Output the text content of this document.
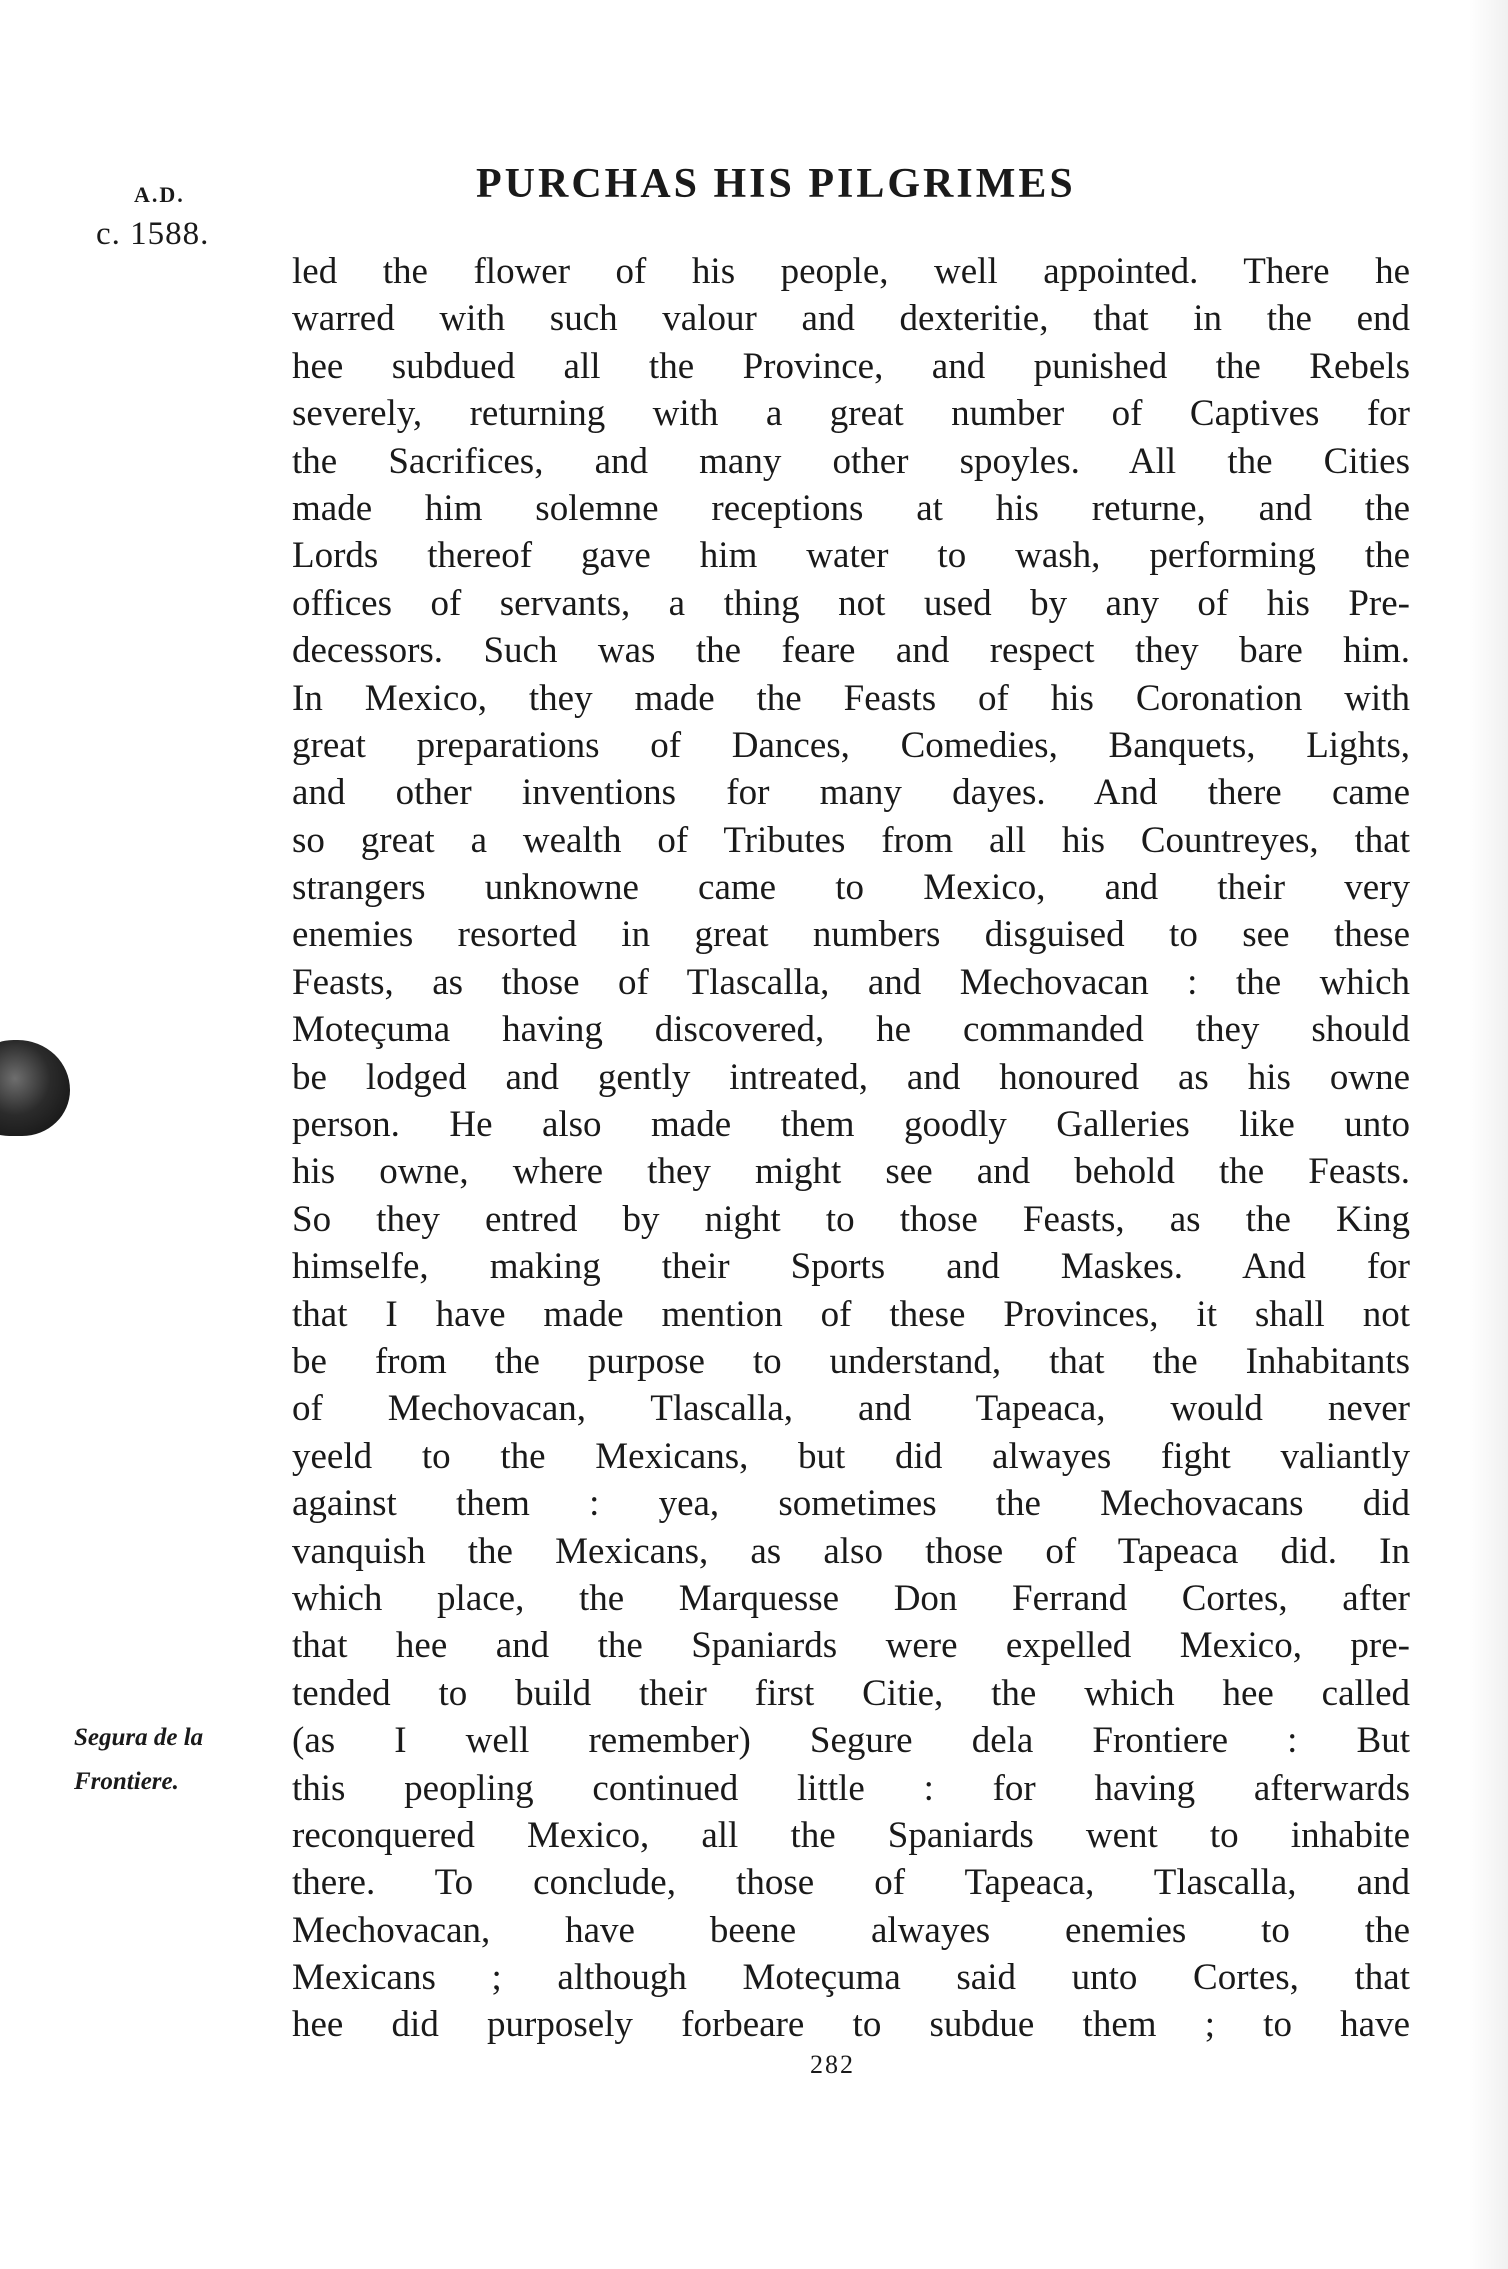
A.D.
c. 1588.
PURCHAS HIS PILGRIMES
Segura de la
Frontiere.
led the flower of his people, well appointed. There he
warred with such valour and dexteritie, that in the end
hee subdued all the Province, and punished the Rebels
severely, returning with a great number of Captives for
the Sacrifices, and many other spoyles. All the Cities
made him solemne receptions at his returne, and the
Lords thereof gave him water to wash, performing the
offices of servants, a thing not used by any of his Pre-
decessors. Such was the feare and respect they bare him.
In Mexico, they made the Feasts of his Coronation with
great preparations of Dances, Comedies, Banquets, Lights,
and other inventions for many dayes. And there came
so great a wealth of Tributes from all his Countreyes, that
strangers unknowne came to Mexico, and their very
enemies resorted in great numbers disguised to see these
Feasts, as those of Tlascalla, and Mechovacan : the which
Moteçuma having discovered, he commanded they should
be lodged and gently intreated, and honoured as his owne
person. He also made them goodly Galleries like unto
his owne, where they might see and behold the Feasts.
So they entred by night to those Feasts, as the King
himselfe, making their Sports and Maskes. And for
that I have made mention of these Provinces, it shall not
be from the purpose to understand, that the Inhabitants
of Mechovacan, Tlascalla, and Tapeaca, would never
yeeld to the Mexicans, but did alwayes fight valiantly
against them : yea, sometimes the Mechovacans did
vanquish the Mexicans, as also those of Tapeaca did. In
which place, the Marquesse Don Ferrand Cortes, after
that hee and the Spaniards were expelled Mexico, pre-
tended to build their first Citie, the which hee called
(as I well remember) Segure dela Frontiere : But
this peopling continued little : for having afterwards
reconquered Mexico, all the Spaniards went to inhabite
there. To conclude, those of Tapeaca, Tlascalla, and
Mechovacan, have beene alwayes enemies to the
Mexicans ; although Moteçuma said unto Cortes, that
hee did purposely forbeare to subdue them ; to have
282
